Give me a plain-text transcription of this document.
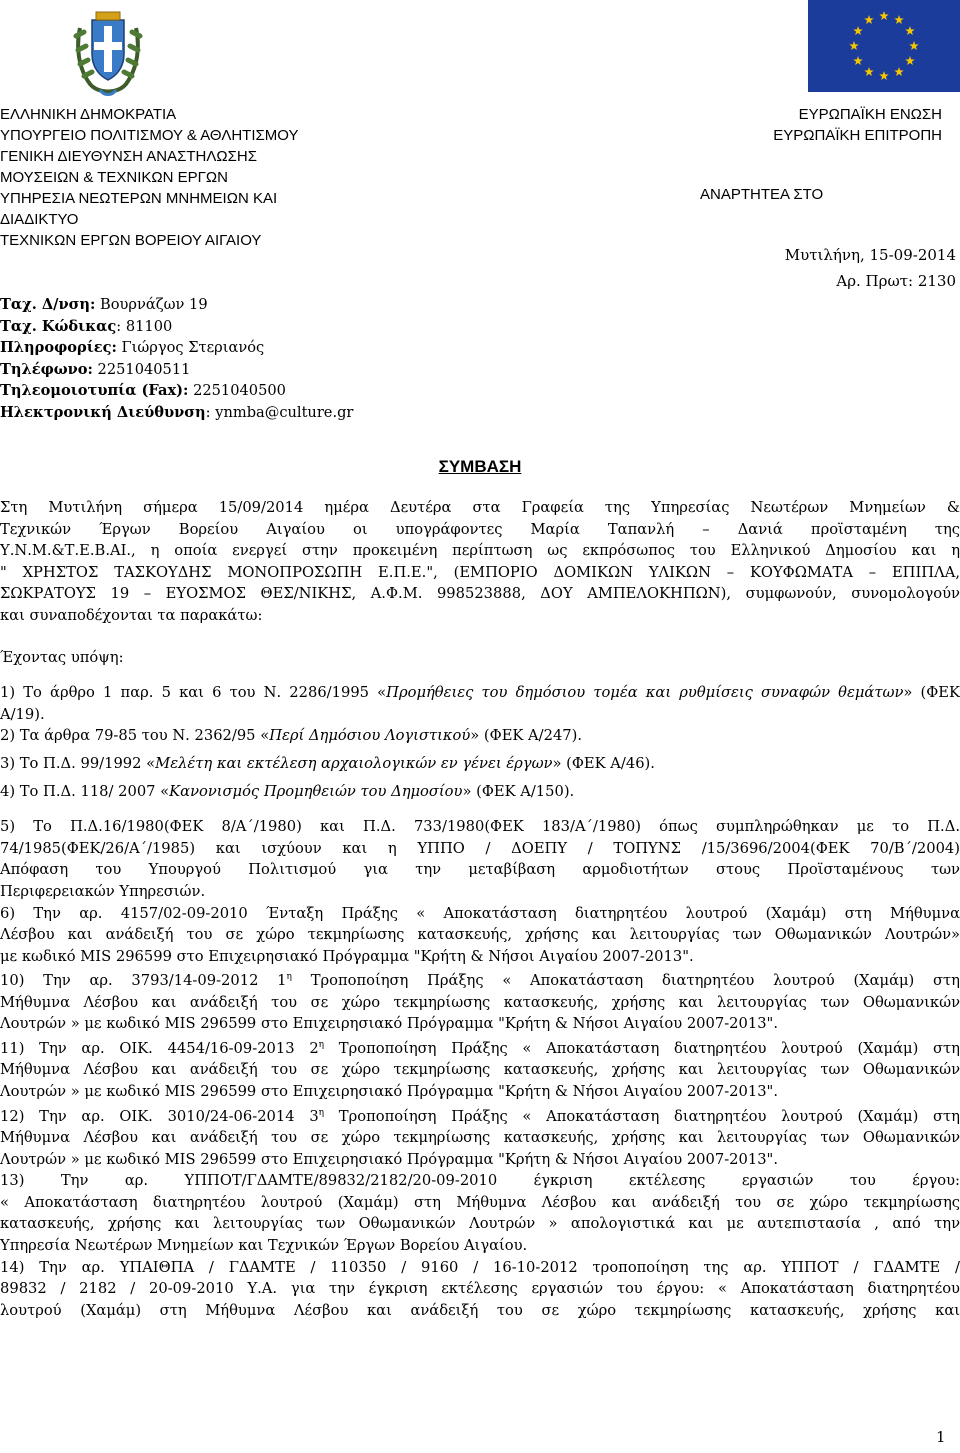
ΕΛΛΗΝΙΚΗ ΔΗΜΟΚΡΑΤΙΑ
ΥΠΟΥΡΓΕΙΟ ΠΟΛΙΤΙΣΜΟΥ & ΑΘΛΗΤΙΣΜΟΥ
ΓΕΝΙΚΗ ΔΙΕΥΘΥΝΣΗ ΑΝΑΣΤΗΛΩΣΗΣ
ΜΟΥΣΕΙΩΝ & ΤΕΧΝΙΚΩΝ ΕΡΓΩΝ
ΥΠΗΡΕΣΙΑ ΝΕΩΤΕΡΩΝ ΜΝΗΜΕΙΩΝ ΚΑΙ
ΔΙΑΔΙΚΤΥΟ
ΤΕΧΝΙΚΩΝ ΕΡΓΩΝ ΒΟΡΕΙΟΥ ΑΙΓΑΙΟΥ
Ταχ. Δ/νση: Βουρνάζων 19
Ταχ. Κώδικας: 81100
Πληροφορίες: Γιώργος Στεριανός
Τηλέφωνο: 2251040511
Τηλεομοιοτυπία (Fax): 2251040500
Ηλεκτρονική Διεύθυνση: ynmba@culture.gr
ΕΥΡΩΠΑΪΚΗ ΕΝΩΣΗ
ΕΥΡΩΠΑΪΚΗ ΕΠΙΤΡΟΠΗ
ΑΝΑΡΤΗΤΕΑ ΣΤΟ
Μυτιλήνη, 15-09-2014
Αρ. Πρωτ: 2130
ΣΥΜΒΑΣΗ

Στη Μυτιλήνη σήμερα 15/09/2014 ημέρα Δευτέρα στα Γραφεία της Υπηρεσίας Νεωτέρων Μνημείων &
Τεχνικών Έργων Βορείου Αιγαίου οι υπογράφοντες Μαρία Ταπανλή – Δανιά προϊσταμένη της
Υ.Ν.Μ.&Τ.Ε.Β.ΑΙ., η οποία ενεργεί στην προκειμένη περίπτωση ως εκπρόσωπος του Ελληνικού Δημοσίου και η
" ΧΡΗΣΤΟΣ ΤΑΣΚΟΥΔΗΣ ΜΟΝΟΠΡΟΣΩΠΗ Ε.Π.Ε.", (ΕΜΠΟΡΙΟ ΔΟΜΙΚΩΝ ΥΛΙΚΩΝ – ΚΟΥΦΩΜΑΤΑ – ΕΠΙΠΛΑ,
ΣΩΚΡΑΤΟΥΣ 19 – ΕΥΟΣΜΟΣ ΘΕΣ/ΝΙΚΗΣ, Α.Φ.Μ. 998523888, ΔΟΥ ΑΜΠΕΛΟΚΗΠΩΝ), συμφωνούν, συνομολογούν
και συναποδέχονται τα παρακάτω:

Έχοντας υπόψη:

1) Το άρθρο 1 παρ. 5 και 6 του Ν. 2286/1995 «Προμήθειες του δημόσιου τομέα και ρυθμίσεις συναφών θεμάτων» (ΦΕΚ
Α/19).

2) Τα άρθρα 79-85 του Ν. 2362/95 «Περί Δημόσιου Λογιστικού» (ΦΕΚ Α/247).

3) Το Π.Δ. 99/1992 «Μελέτη και εκτέλεση αρχαιολογικών εν γένει έργων» (ΦΕΚ Α/46).

4) Το Π.Δ. 118/ 2007 «Κανονισμός Προμηθειών του Δημοσίου» (ΦΕΚ Α/150).

5) Το Π.Δ.16/1980(ΦΕΚ 8/Α΄/1980) και Π.Δ. 733/1980(ΦΕΚ 183/Α΄/1980) όπως συμπληρώθηκαν με το Π.Δ.
74/1985(ΦΕΚ/26/Α΄/1985) και ισχύουν και η ΥΠΠΟ / ΔΟΕΠΥ / ΤΟΠΥΝΣ /15/3696/2004(ΦΕΚ 70/Β΄/2004)
Απόφαση του Υπουργού Πολιτισμού για την μεταβίβαση αρμοδιοτήτων στους Προϊσταμένους των
Περιφερειακών Υπηρεσιών.

6) Την αρ. 4157/02-09-2010 Ένταξη Πράξης « Αποκατάσταση διατηρητέου λουτρού (Χαμάμ) στη Μήθυμνα
Λέσβου και ανάδειξή του σε χώρο τεκμηρίωσης κατασκευής, χρήσης και λειτουργίας των Οθωμανικών Λουτρών»
με κωδικό MIS 296599 στο Επιχειρησιακό Πρόγραμμα "Κρήτη & Νήσοι Αιγαίου 2007-2013".

10) Την αρ. 3793/14-09-2012 $1^\eta$ Τροποποίηση Πράξης « Αποκατάσταση διατηρητέου λουτρού (Χαμάμ) στη
Μήθυμνα Λέσβου και ανάδειξή του σε χώρο τεκμηρίωσης κατασκευής, χρήσης και λειτουργίας των Οθωμανικών
Λουτρών » με κωδικό MIS 296599 στο Επιχειρησιακό Πρόγραμμα "Κρήτη & Νήσοι Αιγαίου 2007-2013".

11) Την αρ. ΟΙΚ. 4454/16-09-2013 $2^\eta$ Τροποποίηση Πράξης « Αποκατάσταση διατηρητέου λουτρού (Χαμάμ) στη
Μήθυμνα Λέσβου και ανάδειξή του σε χώρο τεκμηρίωσης κατασκευής, χρήσης και λειτουργίας των Οθωμανικών
Λουτρών » με κωδικό MIS 296599 στο Επιχειρησιακό Πρόγραμμα "Κρήτη & Νήσοι Αιγαίου 2007-2013".

12) Την αρ. ΟΙΚ. 3010/24-06-2014 $3^\eta$ Τροποποίηση Πράξης « Αποκατάσταση διατηρητέου λουτρού (Χαμάμ) στη
Μήθυμνα Λέσβου και ανάδειξή του σε χώρο τεκμηρίωσης κατασκευής, χρήσης και λειτουργίας των Οθωμανικών
Λουτρών » με κωδικό MIS 296599 στο Επιχειρησιακό Πρόγραμμα "Κρήτη & Νήσοι Αιγαίου 2007-2013".

13) Την αρ. ΥΠΠΟΤ/ΓΔΑΜΤΕ/89832/2182/20-09-2010 έγκριση εκτέλεσης εργασιών του έργου:
« Αποκατάσταση διατηρητέου λουτρού (Χαμάμ) στη Μήθυμνα Λέσβου και ανάδειξή του σε χώρο τεκμηρίωσης
κατασκευής, χρήσης και λειτουργίας των Οθωμανικών Λουτρών » απολογιστικά και με αυτεπιστασία , από την
Υπηρεσία Νεωτέρων Μνημείων και Τεχνικών Έργων Βορείου Αιγαίου.

14) Την αρ. ΥΠΑΙΘΠΑ / ΓΔΑΜΤΕ / 110350 / 9160 / 16-10-2012 τροποποίηση της αρ. ΥΠΠΟΤ / ΓΔΑΜΤΕ /
89832 / 2182 / 20-09-2010 Υ.Α. για την έγκριση εκτέλεσης εργασιών του έργου: « Αποκατάσταση διατηρητέου
λουτρού (Χαμάμ) στη Μήθυμνα Λέσβου και ανάδειξή του σε χώρο τεκμηρίωσης κατασκευής, χρήσης και

1
